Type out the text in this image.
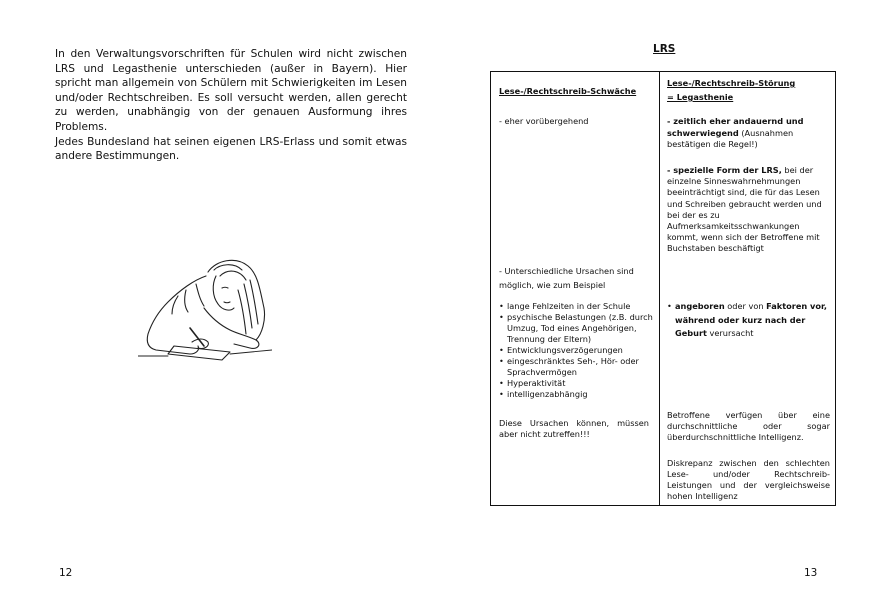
In den Verwaltungsvorschriften für Schulen wird nicht zwischen LRS und Legasthenie unterschieden (außer in Bayern). Hier spricht man allgemein von Schülern mit Schwierigkeiten im Lesen und/oder Rechtschreiben. Es soll versucht werden, allen gerecht zu werden, unabhängig von der genauen Ausformung ihres Problems.

Jedes Bundesland hat seinen eigenen LRS-Erlass und somit etwas andere Bestimmungen.

12
LRS
Lese-/Rechtschreib-Schwäche
Lese-/Rechtschreib-Störung
= Legasthenie
- eher vorübergehend	- zeitlich eher andauernd und schwerwiegend (Ausnahmen bestätigen die Regel!)
- spezielle Form der LRS, bei der einzelne Sinneswahrnehmungen beeinträchtigt sind, die für das Lesen und Schreiben gebraucht werden und bei der es zu Aufmerksamkeitsschwankungen kommt, wenn sich der Betroffene mit Buchstaben beschäftigt
- Unterschiedliche Ursachen sind möglich, wie zum Beispiel
• lange Fehlzeiten in der Schule
• psychische Belastungen (z.B. durch Umzug, Tod eines Angehörigen, Trennung der Eltern)
• Entwicklungsverzögerungen
• eingeschränktes Seh-, Hör- oder Sprachvermögen
• Hyperaktivität
• intelligenzabhängig
• angeboren oder von Faktoren vor, während oder kurz nach der Geburt verursacht
Diese Ursachen können, müssen aber nicht zutreffen!!!
Betroffene verfügen über eine durchschnittliche oder sogar überdurchschnittliche Intelligenz.
Diskrepanz zwischen den schlechten Lese- und/oder Rechtschreib-Leistungen und der vergleichsweise hohen Intelligenz
13
